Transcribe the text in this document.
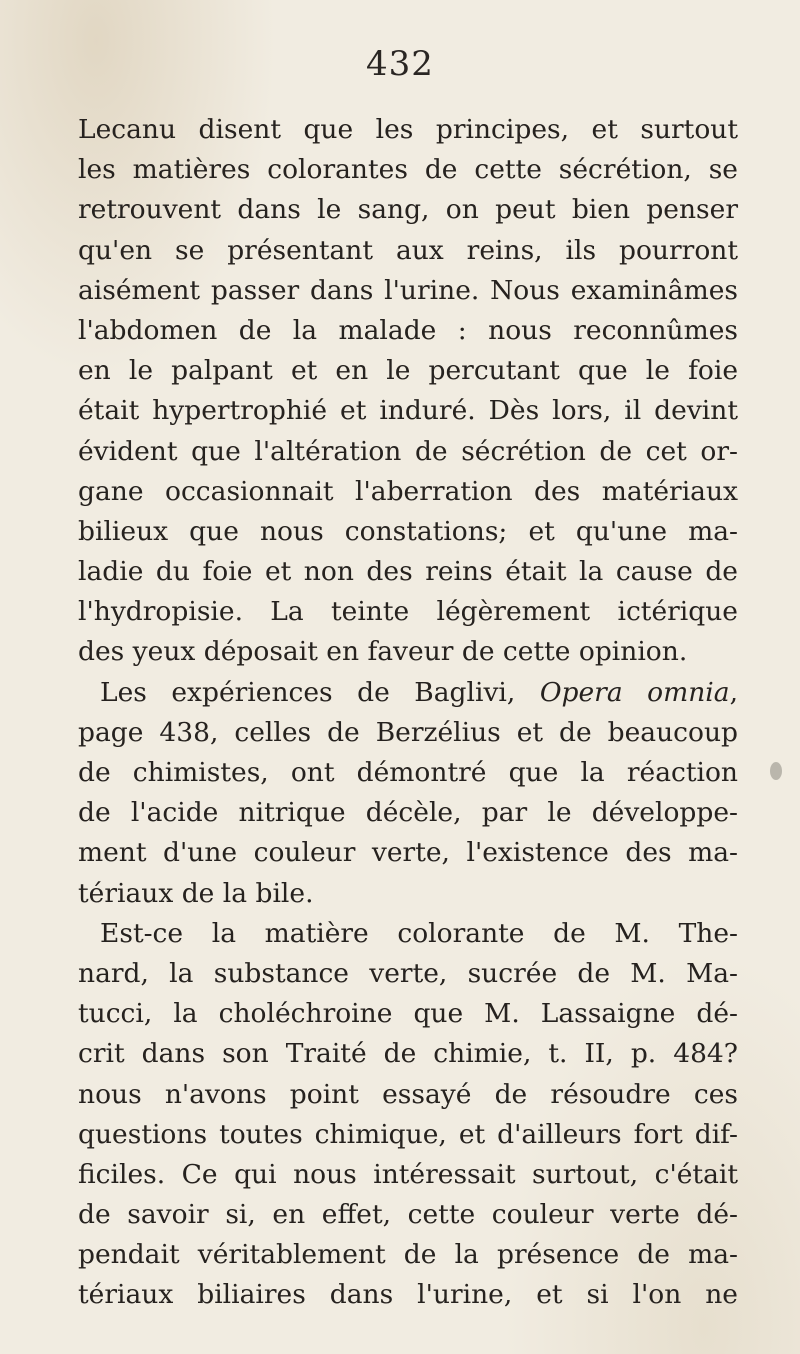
432
Lecanu disent que les principes, et surtout
les matières colorantes de cette sécrétion, se
retrouvent dans le sang, on peut bien penser
qu'en se présentant aux reins, ils pourront
aisément passer dans l'urine. Nous examinâmes
l'abdomen de la malade : nous reconnûmes
en le palpant et en le percutant que le foie
était hypertrophié et induré. Dès lors, il devint
évident que l'altération de sécrétion de cet or-
gane occasionnait l'aberration des matériaux
bilieux que nous constations; et qu'une ma-
ladie du foie et non des reins était la cause de
l'hydropisie. La teinte légèrement ictérique
des yeux déposait en faveur de cette opinion.
Les expériences de Baglivi, Opera omnia,
page 438, celles de Berzélius et de beaucoup
de chimistes, ont démontré que la réaction
de l'acide nitrique décèle, par le développe-
ment d'une couleur verte, l'existence des ma-
tériaux de la bile.
Est-ce la matière colorante de M. The-
nard, la substance verte, sucrée de M. Ma-
tucci, la choléchroine que M. Lassaigne dé-
crit dans son Traité de chimie, t. II, p. 484?
nous n'avons point essayé de résoudre ces
questions toutes chimique, et d'ailleurs fort dif-
ficiles. Ce qui nous intéressait surtout, c'était
de savoir si, en effet, cette couleur verte dé-
pendait véritablement de la présence de ma-
tériaux biliaires dans l'urine, et si l'on ne
